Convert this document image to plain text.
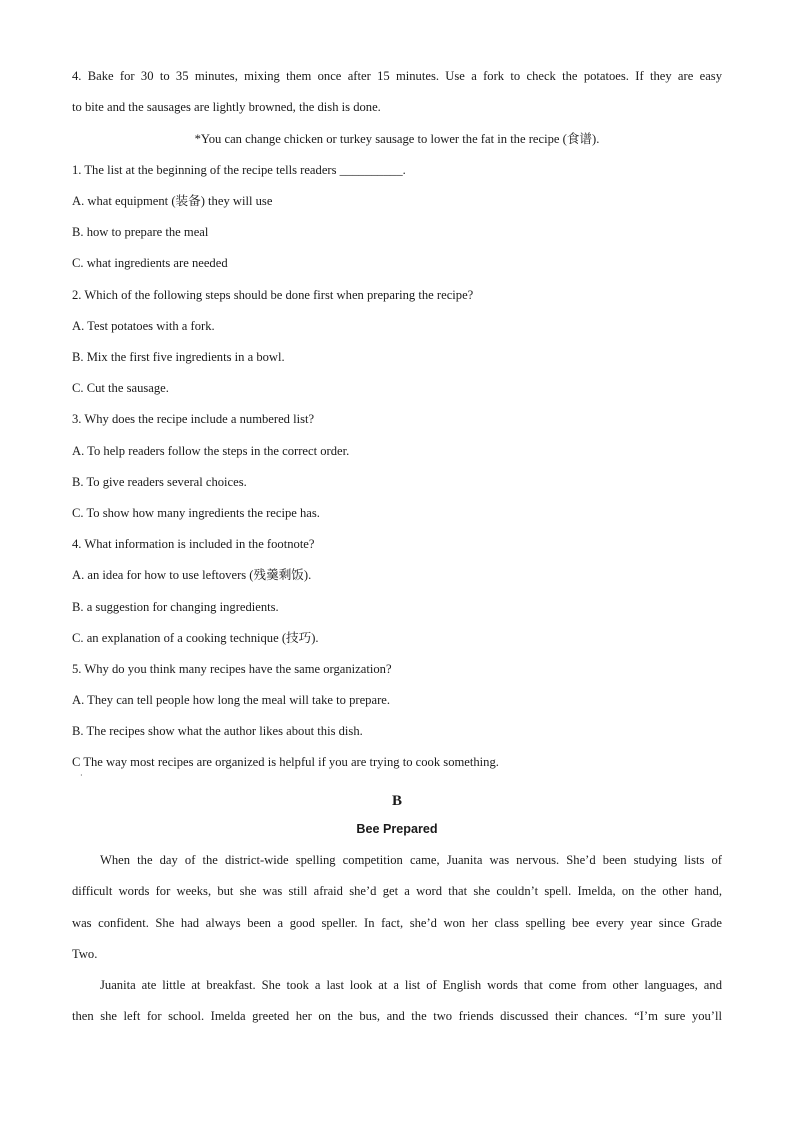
4. Bake for 30 to 35 minutes, mixing them once after 15 minutes. Use a fork to check the potatoes. If they are easy
to bite and the sausages are lightly browned, the dish is done.
*You can change chicken or turkey sausage to lower the fat in the recipe (食谱).
1. The list at the beginning of the recipe tells readers __________.
A. what equipment (装备) they will use
B. how to prepare the meal
C. what ingredients are needed
2. Which of the following steps should be done first when preparing the recipe?
A. Test potatoes with a fork.
B. Mix the first five ingredients in a bowl.
C. Cut the sausage.
3. Why does the recipe include a numbered list?
A. To help readers follow the steps in the correct order.
B. To give readers several choices.
C. To show how many ingredients the recipe has.
4. What information is included in the footnote?
A. an idea for how to use leftovers (残羹剩饭).
B. a suggestion for changing ingredients.
C. an explanation of a cooking technique (技巧).
5. Why do you think many recipes have the same organization?
A. They can tell people how long the meal will take to prepare.
B. The recipes show what the author likes about this dish.
C The way most recipes are organized is helpful if you are trying to cook something.
·
B
Bee Prepared
When the day of the district-wide spelling competition came, Juanita was nervous. She’d been studying lists of
difficult words for weeks, but she was still afraid she’d get a word that she couldn’t spell. Imelda, on the other hand,
was confident. She had always been a good speller. In fact, she’d won her class spelling bee every year since Grade
Two.
Juanita ate little at breakfast. She took a last look at a list of English words that come from other languages, and
then she left for school. Imelda greeted her on the bus, and the two friends discussed their chances. “I’m sure you’ll
